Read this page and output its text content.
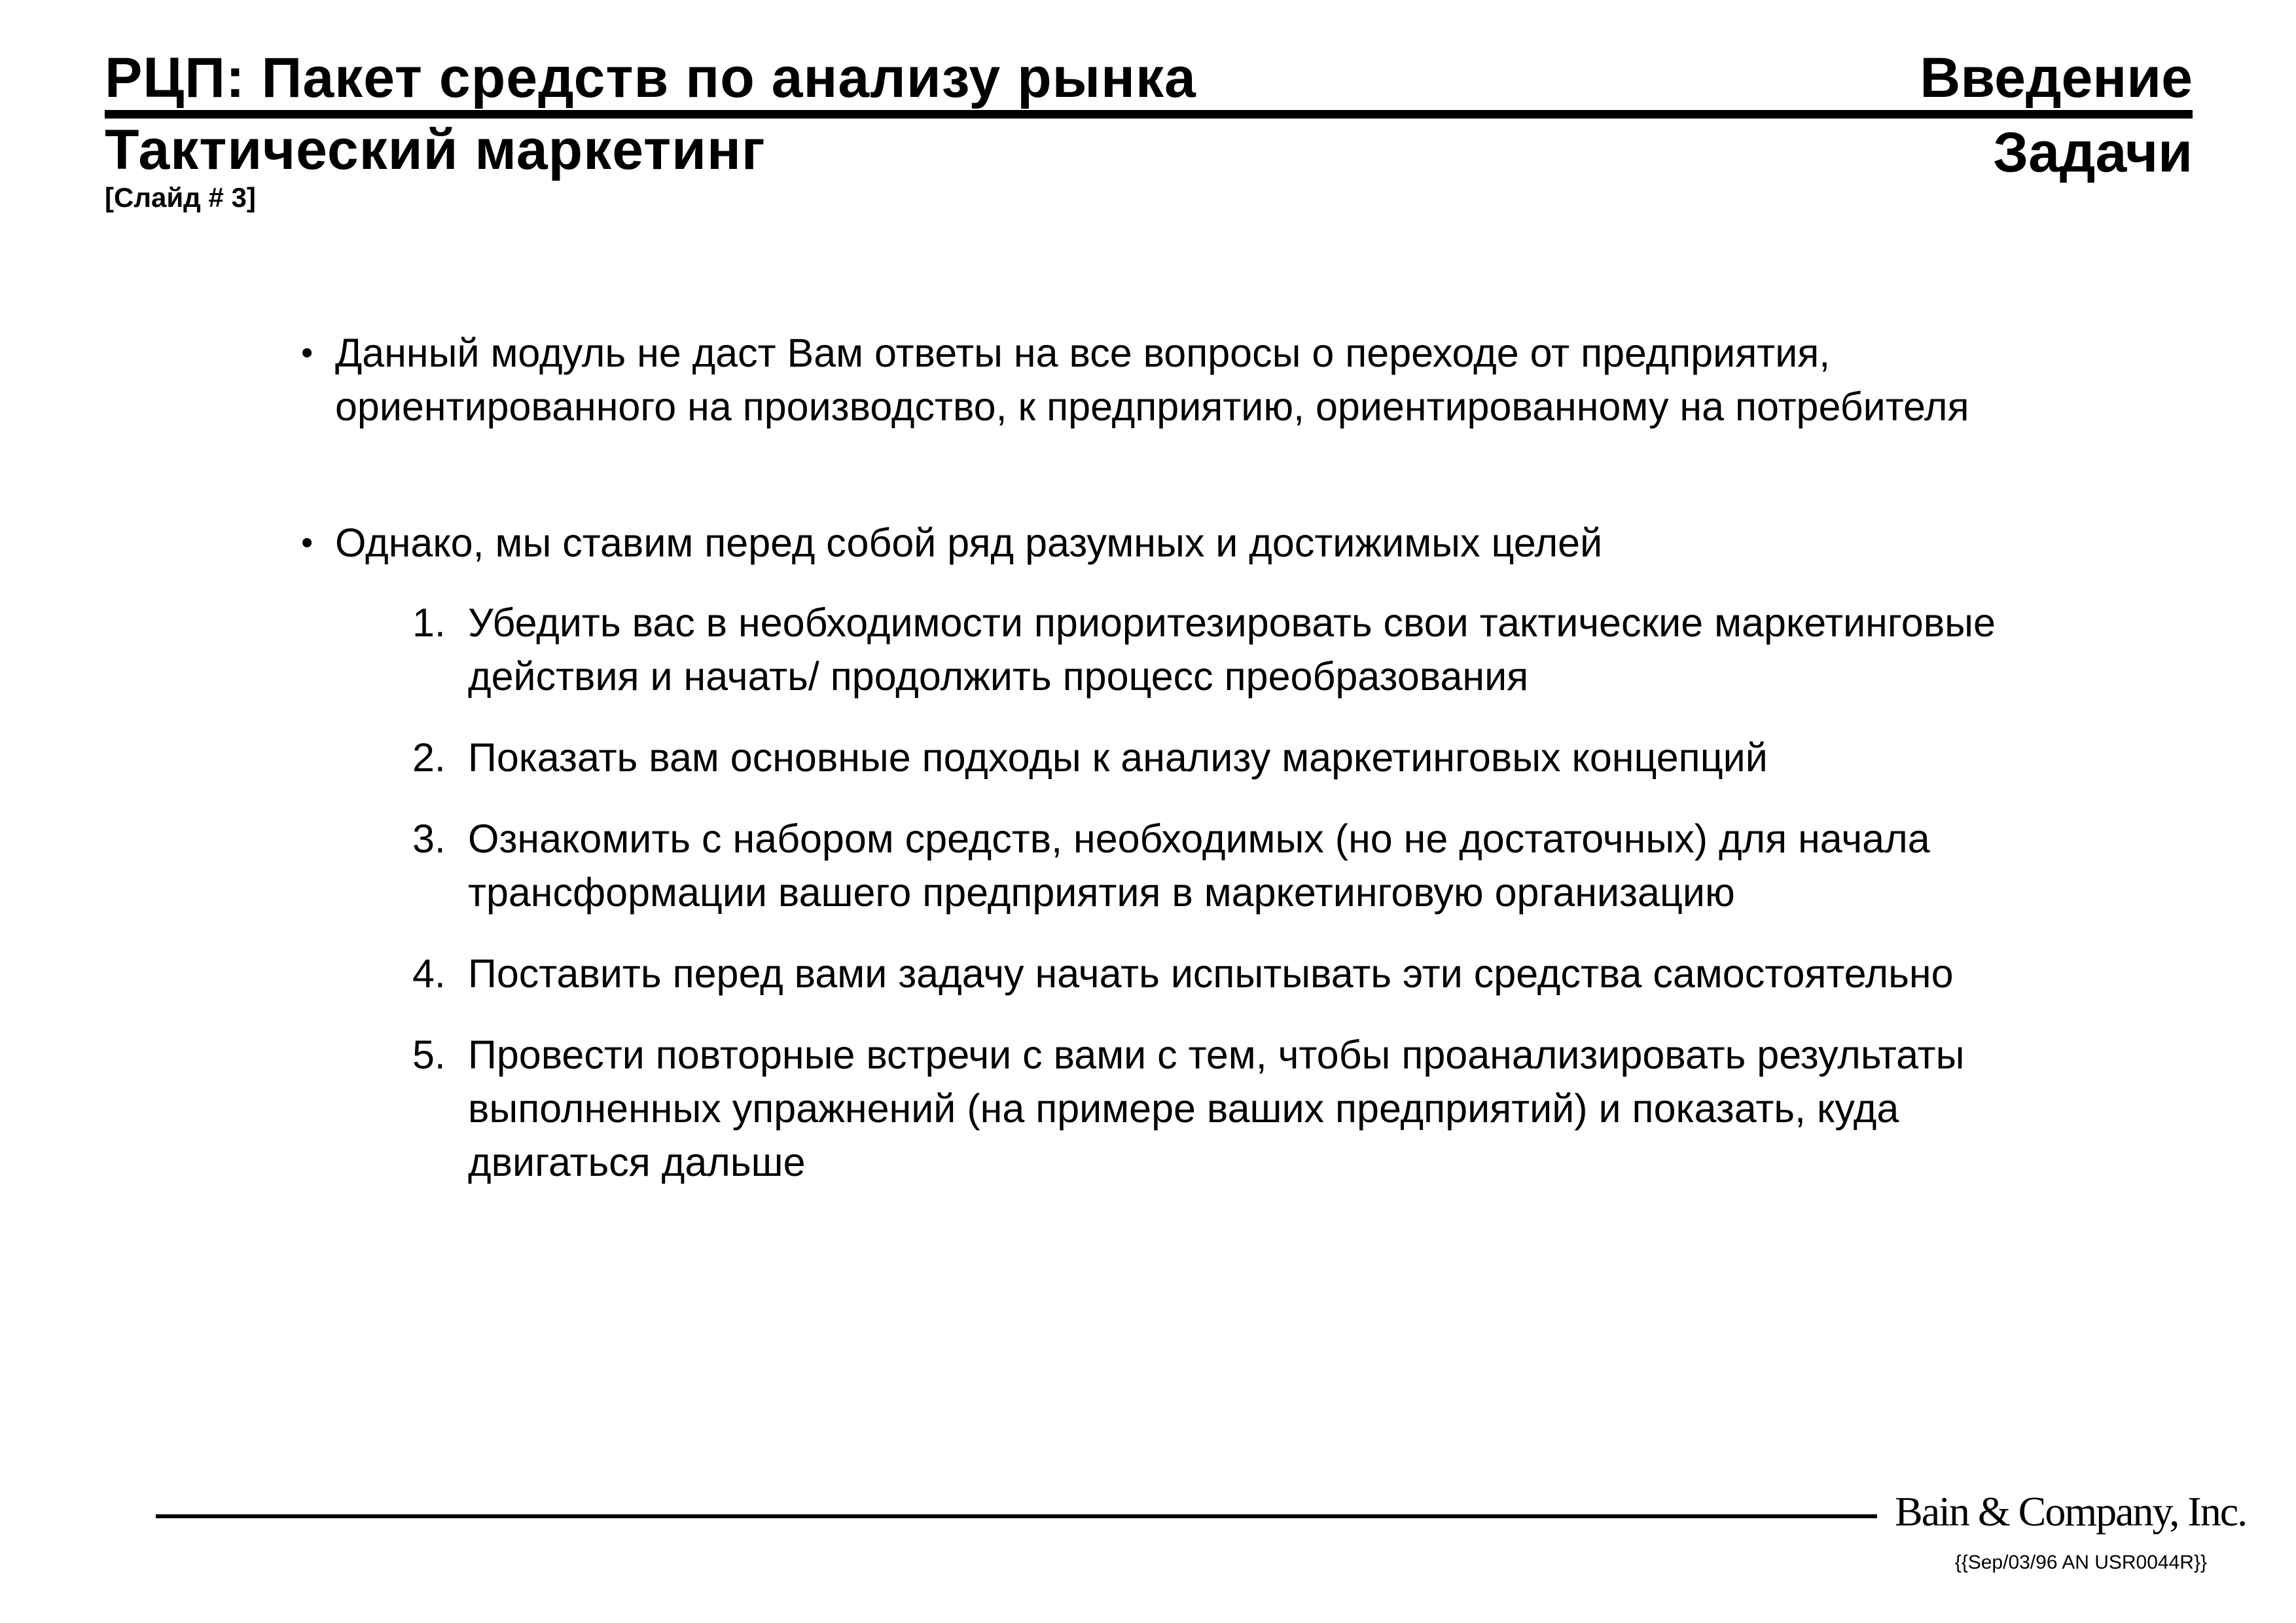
РЦП: Пакет средств по анализу рынка	Введение
Тактический маркетинг	Задачи
[Слайд # 3]
• Данный модуль не даст Вам ответы на все вопросы о переходе от предприятия, ориентированного на производство, к предприятию, ориентированному на потребителя
• Однако, мы ставим перед собой ряд разумных и достижимых целей
1. Убедить вас в необходимости приоритезировать свои тактические маркетинговые действия и начать/ продолжить процесс преобразования
2. Показать вам основные подходы к анализу маркетинговых концепций
3. Ознакомить с набором средств, необходимых (но не достаточных) для начала трансформации вашего предприятия в маркетинговую организацию
4. Поставить перед вами задачу начать испытывать эти средства самостоятельно
5. Провести повторные встречи с вами с тем, чтобы проанализировать результаты выполненных упражнений (на примере ваших предприятий) и показать, куда двигаться дальше
Bain & Company, Inc.
{{Sep/03/96 AN USR0044R}}
